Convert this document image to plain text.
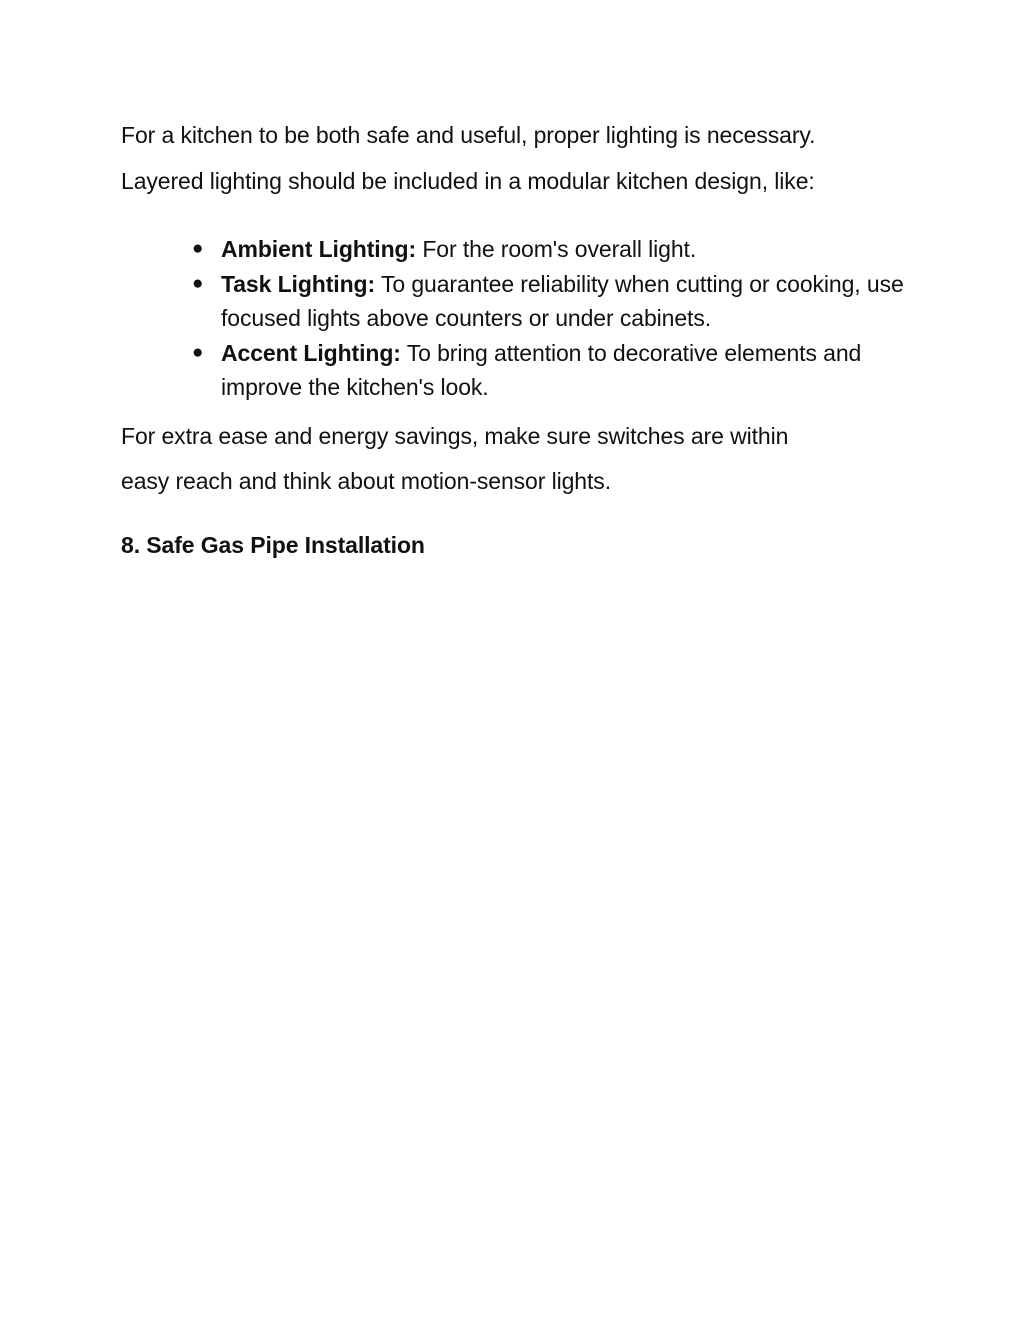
For a kitchen to be both safe and useful, proper lighting is necessary.
Layered lighting should be included in a modular kitchen design, like:

● Ambient Lighting: For the room's overall light.
● Task Lighting: To guarantee reliability when cutting or cooking, use focused lights above counters or under cabinets.
● Accent Lighting: To bring attention to decorative elements and improve the kitchen's look.

For extra ease and energy savings, make sure switches are within
easy reach and think about motion-sensor lights.

8. Safe Gas Pipe Installation
